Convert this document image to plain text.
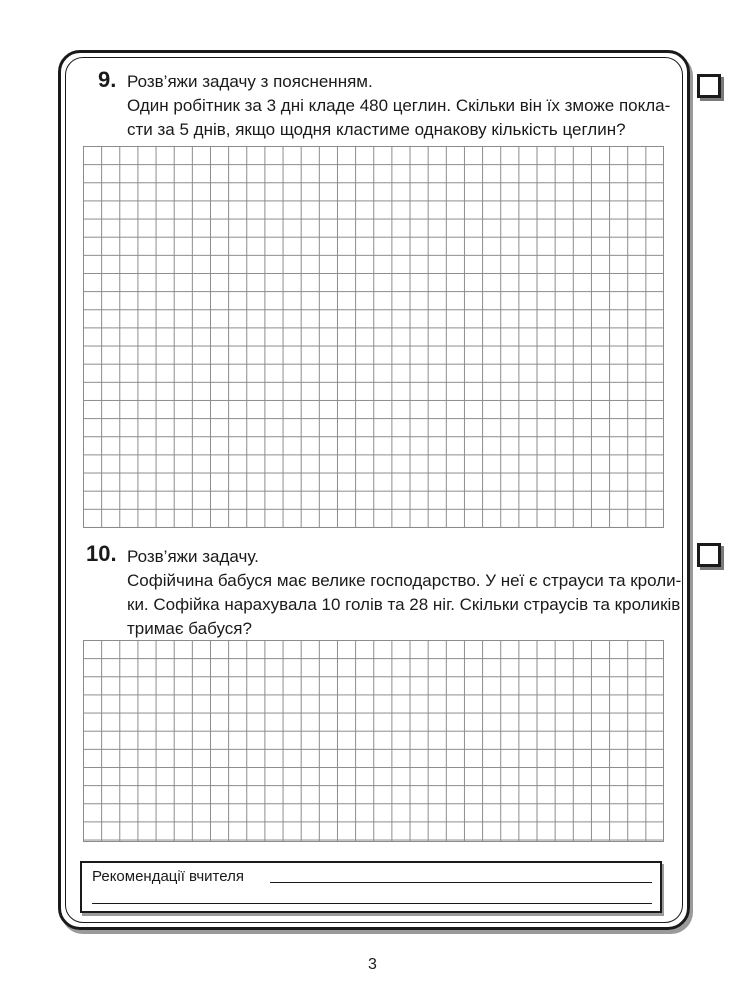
9. Розв’яжи задачу з поясненням.
Один робітник за 3 дні кладе 480 цеглин. Скільки він їх зможе покла-
сти за 5 днів, якщо щодня кластиме однакову кількість цеглин?
10. Розв’яжи задачу.
Софійчина бабуся має велике господарство. У неї є страуси та кроли-
ки. Софійка нарахувала 10 голів та 28 ніг. Скільки страусів та кроликів
тримає бабуся?
Рекомендації вчителя
3
